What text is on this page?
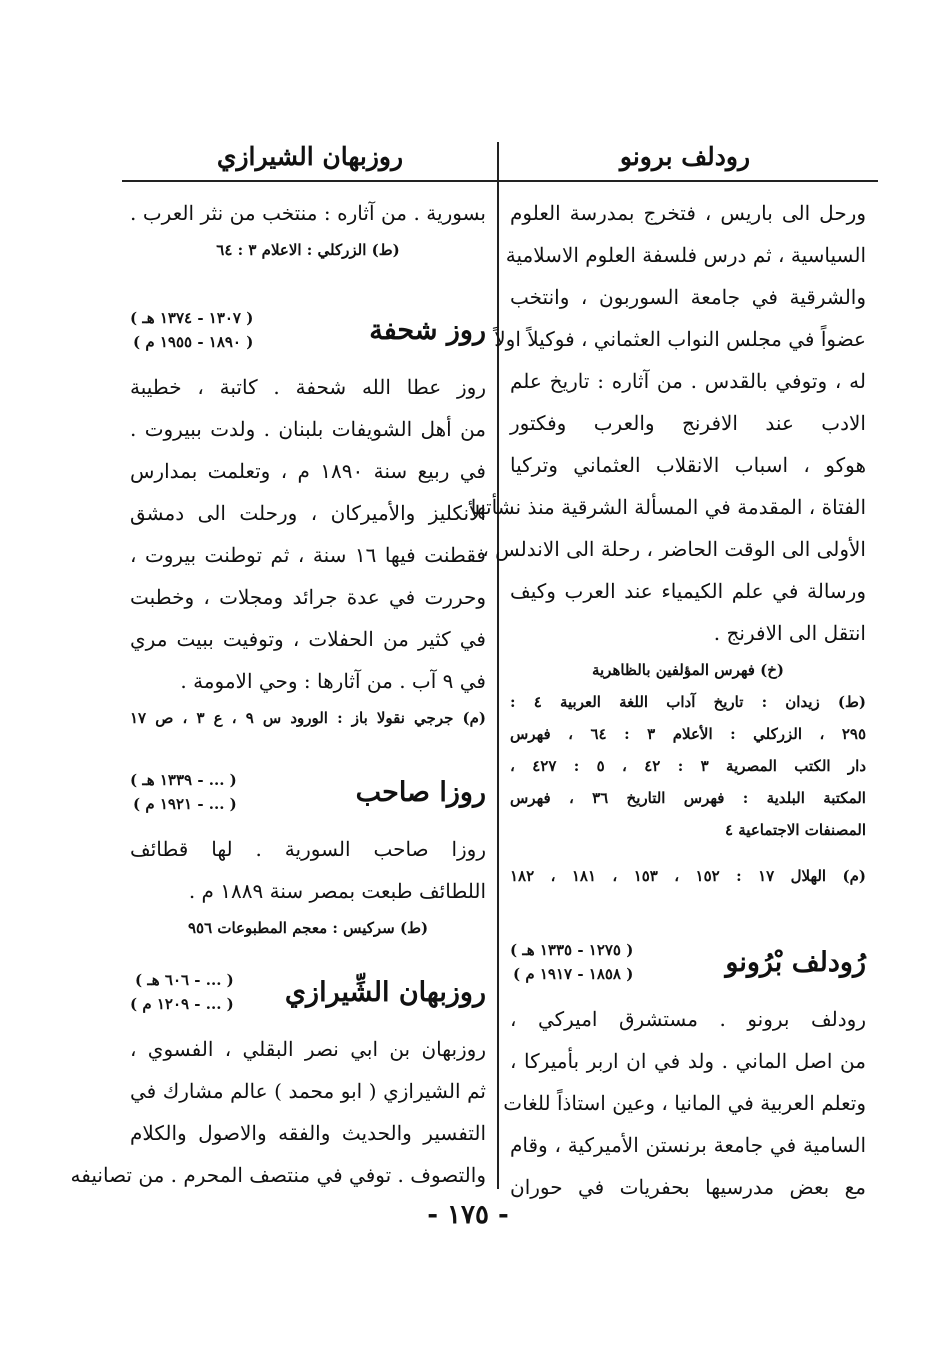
رودلف برونو
روزبهان الشيرازي
ورحل الى باريس ، فتخرج بمدرسة العلوم
السياسية ، ثم درس فلسفة العلوم الاسلامية
والشرقية في جامعة السوربون ، وانتخب
عضواً في مجلس النواب العثماني ، فوكيلاً اولاً
له ، وتوفي بالقدس . من آثاره : تاريخ علم
الادب عند الافرنج والعرب وفكتور
هوكو ، اسباب الانقلاب العثماني وتركيا
الفتاة ، المقدمة في المسألة الشرقية منذ نشأتها
الأولى الى الوقت الحاضر ، رحلة الى الاندلس ،
ورسالة في علم الكيمياء عند العرب وكيف
انتقل الى الافرنج .
(خ) فهرس المؤلفين بالظاهرية
(ط) زيدان : تاريخ آداب اللغة العربية ٤ :
٢٩٥ ، الزركلي : الأعلام ٣ : ٦٤ ، فهرس
دار الكتب المصرية ٣ : ٤٢ ، ٥ : ٤٢٧ ،
المكتبة البلدية : فهرس التاريخ ٣٦ ، فهرس
المصنفات الاجتماعية ٤
(م) الهلال ١٧ : ١٥٢ ، ١٥٣ ، ١٨١ ، ١٨٢
رُودلف بْرُونو
( ١٢٧٥ - ١٣٣٥ هـ )
( ١٨٥٨ - ١٩١٧ م )
رودلف برونو . مستشرق اميركي ،
من اصل الماني . ولد في ان اربر بأميركا ،
وتعلم العربية في المانيا ، وعين استاذاً للغات
السامية في جامعة برنستن الأميركية ، وقام
مع بعض مدرسيها بحفريات في حوران
بسورية . من آثاره : منتخب من نثر العرب .
(ط) الزركلي : الاعلام ٣ : ٦٤
روز شحفة
( ١٣٠٧ - ١٣٧٤ هـ )
( ١٨٩٠ - ١٩٥٥ م )
روز عطا الله شحفة . كاتبة ، خطيبة
من أهل الشويفات بلبنان . ولدت ببيروت .
في ربيع سنة ١٨٩٠ م ، وتعلمت بمدارس
الأنكليز والأميركان ، ورحلت الى دمشق
فقطنت فيها ١٦ سنة ، ثم توطنت بيروت ،
وحررت في عدة جرائد ومجلات ، وخطبت
في كثير من الحفلات ، وتوفيت ببيت مري
في ٩ آب . من آثارها : وحي الامومة .
(م) جرجي نقولا باز : الورود س ٩ ، ع ٣ ، ص ١٧
روزا صاحب
( ... - ١٣٣٩ هـ )
( ... - ١٩٢١ م )
روزا صاحب السورية . لها قطائف
اللطائف طبعت بمصر سنة ١٨٨٩ م .
(ط) سركيس : معجم المطبوعات ٩٥٦
روزبهان الشِّيرازي
( ... - ٦٠٦ هـ )
( ... - ١٢٠٩ م )
روزبهان بن ابي نصر البقلي ، الفسوي ،
ثم الشيرازي ( ابو محمد ) عالم مشارك في
التفسير والحديث والفقه والاصول والكلام
والتصوف . توفي في منتصف المحرم . من تصانيفه
- ١٧٥ -
